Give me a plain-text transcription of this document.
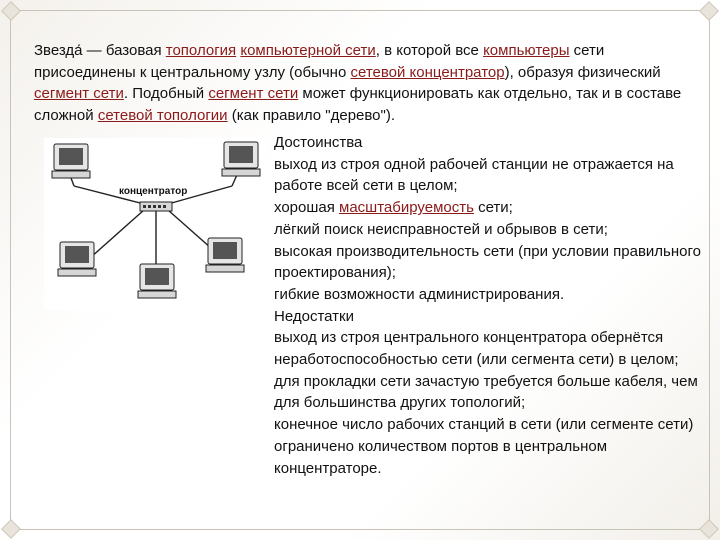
Звезда́ — базовая топология компьютерной сети, в которой все компьютеры сети присоединены к центральному узлу (обычно сетевой концентратор), образуя физический сегмент сети. Подобный сегмент сети может функционировать как отдельно, так и в составе сложной сетевой топологии (как правило "дерево").
концентратор
Достоинства
выход из строя одной рабочей станции не отражается на работе всей сети в целом;
хорошая масштабируемость сети;
лёгкий поиск неисправностей и обрывов в сети;
высокая производительность сети (при условии правильного проектирования);
гибкие возможности администрирования.
Недостатки
выход из строя центрального концентратора обернётся неработоспособностью сети (или сегмента сети) в целом;
для прокладки сети зачастую требуется больше кабеля, чем для большинства других топологий;
конечное число рабочих станций в сети (или сегменте сети) ограничено количеством портов в центральном концентраторе.
